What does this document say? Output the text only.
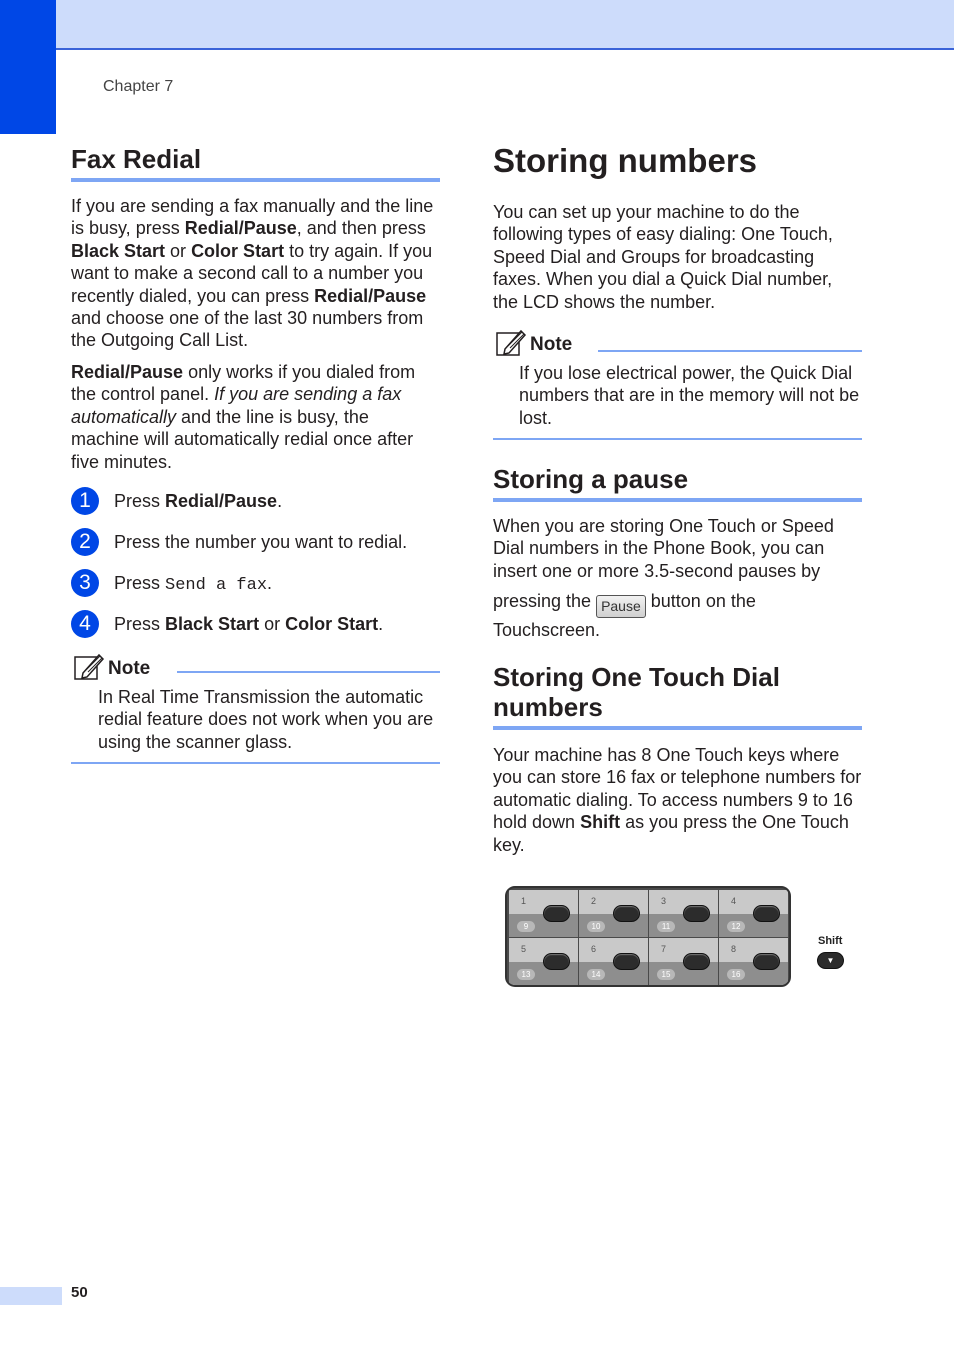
Chapter 7
Fax Redial
If you are sending a fax manually and the line is busy, press Redial/Pause, and then press Black Start or Color Start to try again. If you want to make a second call to a number you recently dialed, you can press Redial/Pause and choose one of the last 30 numbers from the Outgoing Call List.
Redial/Pause only works if you dialed from the control panel. If you are sending a fax automatically and the line is busy, the machine will automatically redial once after five minutes.
1	Press Redial/Pause.
2	Press the number you want to redial.
3	Press Send a fax.
4	Press Black Start or Color Start.
Note
In Real Time Transmission the automatic redial feature does not work when you are using the scanner glass.
Storing numbers
You can set up your machine to do the following types of easy dialing: One Touch, Speed Dial and Groups for broadcasting faxes. When you dial a Quick Dial number, the LCD shows the number.
Note
If you lose electrical power, the Quick Dial numbers that are in the memory will not be lost.
Storing a pause
When you are storing One Touch or Speed Dial numbers in the Phone Book, you can insert one or more 3.5-second pauses by
pressing the Pause button on the Touchscreen.
Storing One Touch Dial numbers
Your machine has 8 One Touch keys where you can store 16 fax or telephone numbers for automatic dialing. To access numbers 9 to 16 hold down Shift as you press the One Touch key.
1
9
2
10
3
11
4
12
5
13
6
14
7
15
8
16
Shift
▼
50
